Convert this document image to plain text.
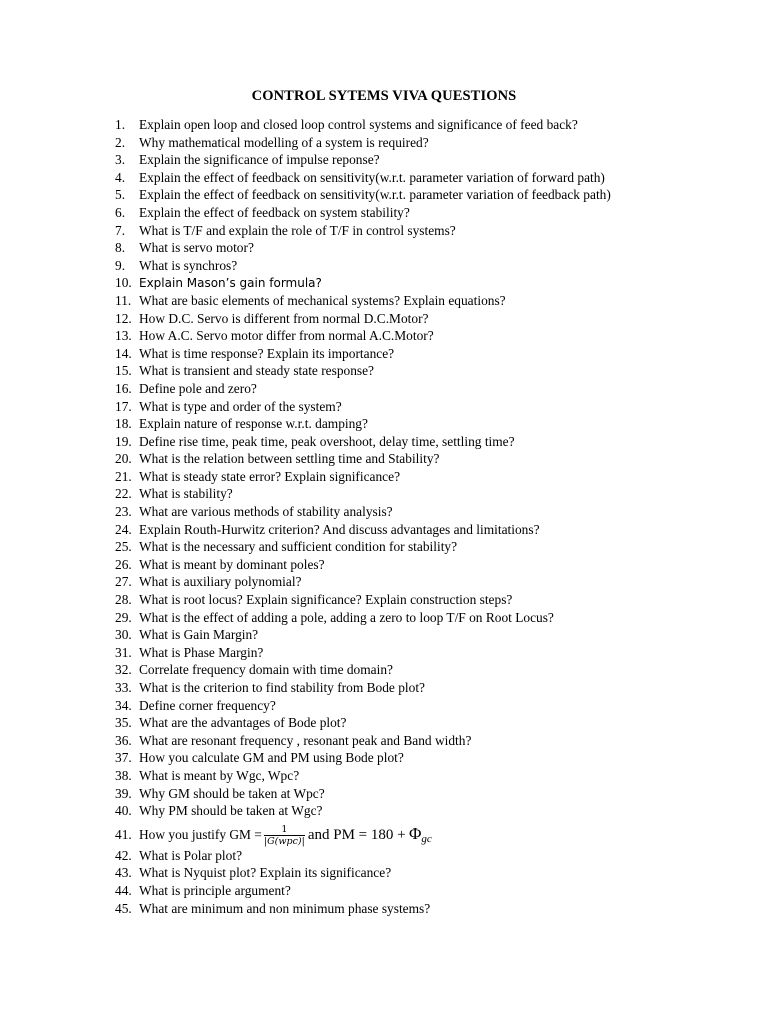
CONTROL SYTEMS VIVA QUESTIONS
1. Explain open loop and closed loop control systems and significance of feed back?
2. Why mathematical modelling of a system is required?
3. Explain the significance of impulse reponse?
4. Explain the effect of feedback on sensitivity(w.r.t. parameter variation of forward path)
5. Explain the effect of feedback on sensitivity(w.r.t. parameter variation of feedback path)
6. Explain the effect of feedback on system stability?
7. What is T/F and explain the role of T/F in control systems?
8. What is servo motor?
9. What is synchros?
10. Explain Mason’s gain formula?
11. What are basic elements of mechanical systems? Explain equations?
12. How D.C. Servo is different from normal D.C.Motor?
13. How A.C. Servo motor differ from normal A.C.Motor?
14. What is time response? Explain its importance?
15. What is transient and steady state response?
16. Define pole and zero?
17. What is type and order of the system?
18. Explain nature of response w.r.t. damping?
19. Define rise time, peak time, peak overshoot, delay time, settling time?
20. What is the relation between settling time and Stability?
21. What is steady state error? Explain significance?
22. What is stability?
23. What are various methods of stability analysis?
24. Explain Routh-Hurwitz criterion? And discuss advantages and limitations?
25. What is the necessary and sufficient condition for stability?
26. What is meant by dominant poles?
27. What is auxiliary polynomial?
28. What is root locus? Explain significance? Explain construction steps?
29. What is the effect of adding a pole, adding a zero to loop T/F on Root Locus?
30. What is Gain Margin?
31. What is Phase Margin?
32. Correlate frequency domain with time domain?
33. What is the criterion to find stability from Bode plot?
34. Define corner frequency?
35. What are the advantages of Bode plot?
36. What are resonant frequency , resonant peak and Band width?
37. How you calculate GM and PM using Bode plot?
38. What is meant by Wgc, Wpc?
39. Why GM should be taken at Wpc?
40. Why PM should be taken at Wgc?
41. How you justify GM = $\frac{1}{\text{|G(wpc)|}}$ and PM = $180 + \Phi_{gc}$
42. What is Polar plot?
43. What is Nyquist plot? Explain its significance?
44. What is principle argument?
45. What are minimum and non minimum phase systems?
